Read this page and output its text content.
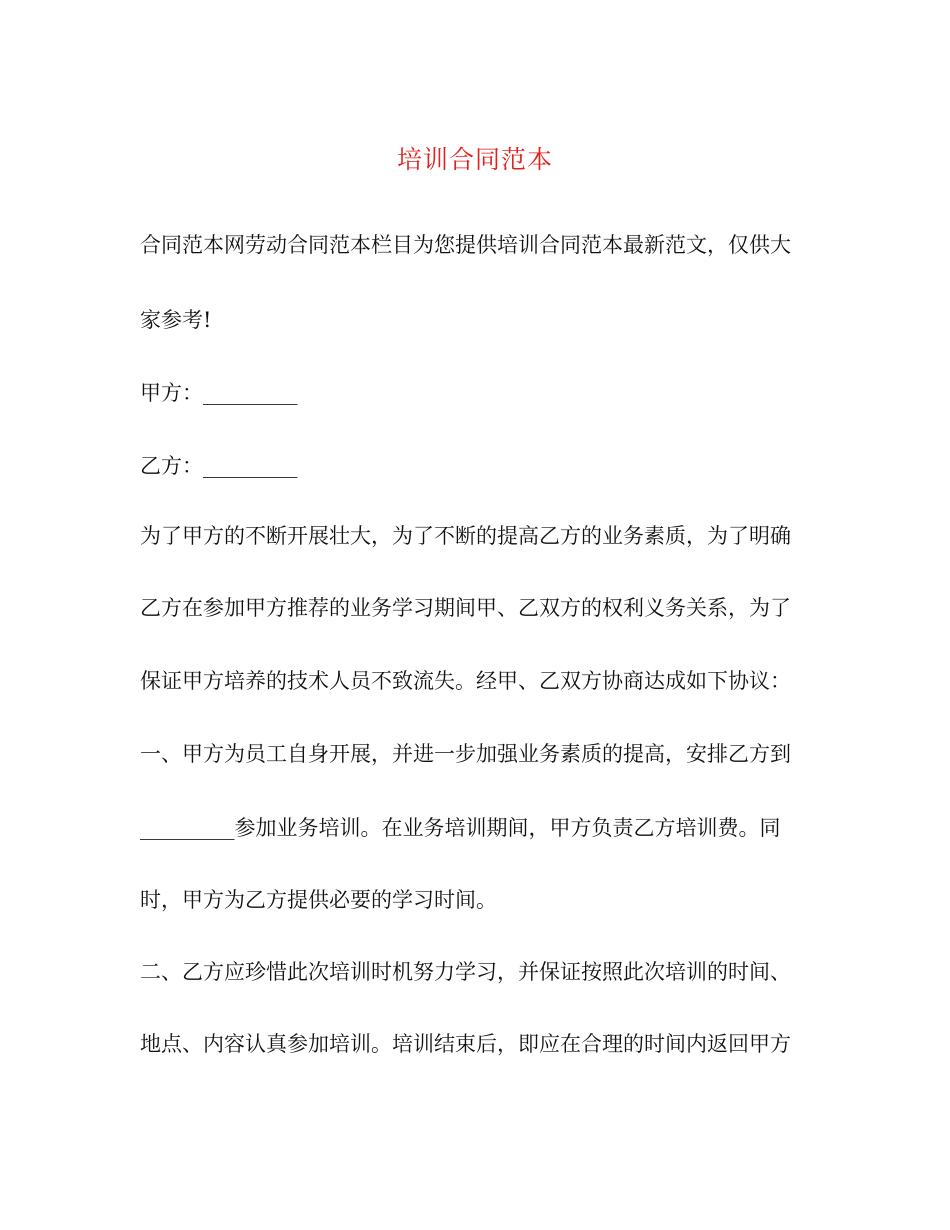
培训合同范本
合同范本网劳动合同范本栏目为您提供培训合同范本最新范文，仅供大
家参考!
甲方：_________
乙方：_________
为了甲方的不断开展壮大，为了不断的提高乙方的业务素质，为了明确
乙方在参加甲方推荐的业务学习期间甲、乙双方的权利义务关系，为了
保证甲方培养的技术人员不致流失。经甲、乙双方协商达成如下协议：
一、甲方为员工自身开展，并进一步加强业务素质的提高，安排乙方到
_________参加业务培训。在业务培训期间，甲方负责乙方培训费。同
时，甲方为乙方提供必要的学习时间。
二、乙方应珍惜此次培训时机努力学习，并保证按照此次培训的时间、
地点、内容认真参加培训。培训结束后，即应在合理的时间内返回甲方
